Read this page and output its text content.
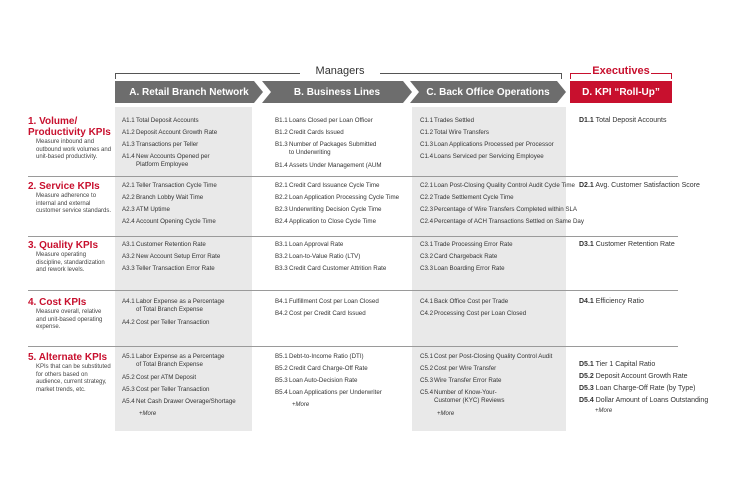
Managers	Executives
A. Retail Branch Network	B. Business Lines	C. Back Office Operations	D. KPI “Roll-Up”
1. Volume/
Productivity KPIs
Measure inbound and
outbound work volumes and
unit-based productivity.
A1.1 Total Deposit Accounts
A1.2 Deposit Account Growth Rate
A1.3 Transactions per Teller
A1.4 New Accounts Opened per
Platform Employee
B1.1 Loans Closed per Loan Officer
B1.2 Credit Cards Issued
B1.3 Number of Packages Submitted
to Underwriting
B1.4 Assets Under Management (AUM
C1.1 Trades Settled
C1.2 Total Wire Transfers
C1.3 Loan Applications Processed per Processor
C1.4 Loans Serviced per Servicing Employee
D1.1 Total Deposit Accounts
2. Service KPIs
Measure adherence to
internal and external
customer service standards.
A2.1 Teller Transaction Cycle Time
A2.2 Branch Lobby Wait Time
A2.3 ATM Uptime
A2.4 Account Opening Cycle Time
B2.1 Credit Card Issuance Cycle Time
B2.2 Loan Application Processing Cycle Time
B2.3 Underwriting Decision Cycle Time
B2.4 Application to Close Cycle Time
C2.1 Loan Post-Closing Quality Control Audit Cycle Time
C2.2 Trade Settlement Cycle Time
C2.3 Percentage of Wire Transfers Completed within SLA
C2.4 Percentage of ACH Transactions Settled on Same Day
D2.1 Avg. Customer Satisfaction Score
3. Quality KPIs
Measure operating
discipline, standardization
and rework levels.
A3.1 Customer Retention Rate
A3.2 New Account Setup Error Rate
A3.3 Teller Transaction Error Rate
B3.1 Loan Approval Rate
B3.2 Loan-to-Value Ratio (LTV)
B3.3 Credit Card Customer Attrition Rate
C3.1 Trade Processing Error Rate
C3.2 Card Chargeback Rate
C3.3 Loan Boarding Error Rate
D3.1 Customer Retention Rate
4. Cost KPIs
Measure overall, relative
and unit-based operating
expense.
A4.1 Labor Expense as a Percentage
of Total Branch Expense
A4.2 Cost per Teller Transaction
B4.1 Fulfillment Cost per Loan Closed
B4.2 Cost per Credit Card Issued
C4.1 Back Office Cost per Trade
C4.2 Processing Cost per Loan Closed
D4.1 Efficiency Ratio
5. Alternate KPIs
KPIs that can be substituted
for others based on
audience, current strategy,
market trends, etc.
A5.1 Labor Expense as a Percentage
of Total Branch Expense
A5.2 Cost per ATM Deposit
A5.3 Cost per Teller Transaction
A5.4 Net Cash Drawer Overage/Shortage
+More
B5.1 Debt-to-Income Ratio (DTI)
B5.2 Credit Card Charge-Off Rate
B5.3 Loan Auto-Decision Rate
B5.4 Loan Applications per Underwriter
+More
C5.1 Cost per Post-Closing Quality Control Audit
C5.2 Cost per Wire Transfer
C5.3 Wire Transfer Error Rate
C5.4 Number of Know-Your-
Customer (KYC) Reviews
+More
D5.1 Tier 1 Capital Ratio
D5.2 Deposit Account Growth Rate
D5.3 Loan Charge-Off Rate (by Type)
D5.4 Dollar Amount of Loans Outstanding
+More
